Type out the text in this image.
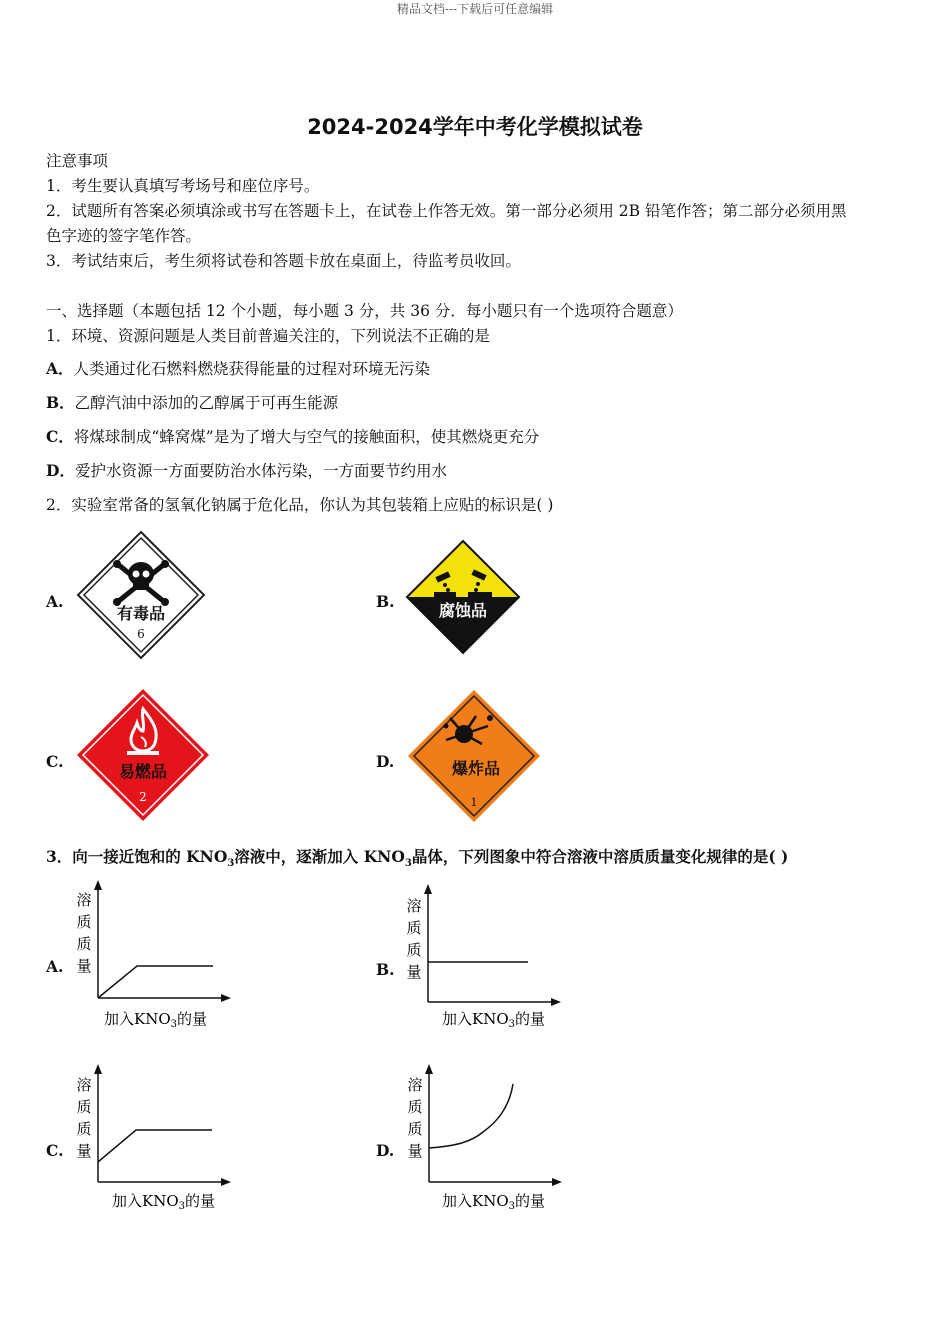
精品文档---下载后可任意编辑
2024-2024学年中考化学模拟试卷
注意事项
1．考生要认真填写考场号和座位序号。
2．试题所有答案必须填涂或书写在答题卡上，在试卷上作答无效。第一部分必须用 2B 铅笔作答；第二部分必须用黑
色字迹的签字笔作答。
3．考试结束后，考生须将试卷和答题卡放在桌面上，待监考员收回。
一、选择题（本题包括 12 个小题，每小题 3 分，共 36 分．每小题只有一个选项符合题意）
1．环境、资源问题是人类目前普遍关注的，下列说法不正确的是
A．人类通过化石燃料燃烧获得能量的过程对环境无污染
B．乙醇汽油中添加的乙醇属于可再生能源
C．将煤球制成“蜂窝煤”是为了增大与空气的接触面积，使其燃烧更充分
D．爱护水资源一方面要防治水体污染，一方面要节约用水
2．实验室常备的氢氧化钠属于危化品，你认为其包装箱上应贴的标识是( )
A.
有毒品
6
B.	腐蚀品
C.
易燃品
2
D.	爆炸品
1
3．向一接近饱和的 $KNO_3$溶液中，逐渐加入 $KNO_3$晶体，下列图象中符合溶液中溶质质量变化规律的是( )
A.
溶
质
质
量
加入$KNO_3$的量
B.
溶
质
质
量
加入$KNO_3$的量
C.
溶
质
质
量
加入$KNO_3$的量
D.
溶
质
质
量
加入$KNO_3$的量
